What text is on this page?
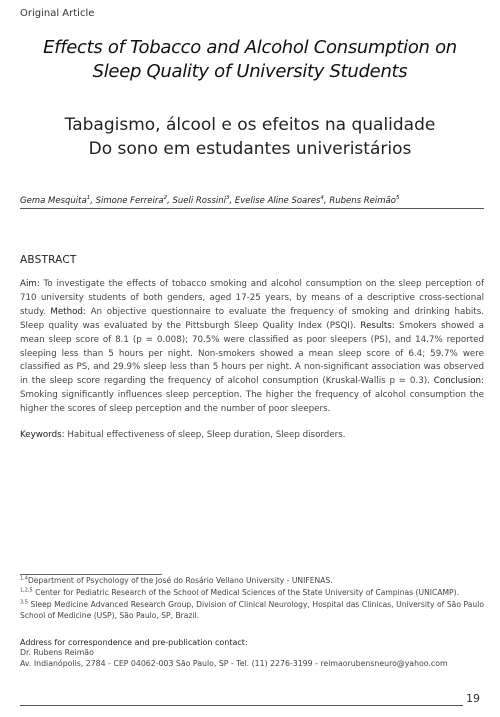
Original Article
Effects of Tobacco and Alcohol Consumption on Sleep Quality of University Students
Tabagismo, álcool e os efeitos na qualidade
Do sono em estudantes univeristários
Gema Mesquita$^1$, Simone Ferreira$^2$, Sueli Rossini$^3$, Evelise Aline Soares$^4$, Rubens Reimão$^5$
ABSTRACT
Aim: To investigate the effects of tobacco smoking and alcohol consumption on the sleep perception of 710 university students of both genders, aged 17-25 years, by means of a descriptive cross-sectional study. Method: An objective questionnaire to evaluate the frequency of smoking and drinking habits. Sleep quality was evaluated by the Pittsburgh Sleep Quality Index (PSQI). Results: Smokers showed a mean sleep score of 8.1 (p = 0.008); 70.5% were classified as poor sleepers (PS), and 14.7% reported sleeping less than 5 hours per night. Non-smokers showed a mean sleep score of 6.4; 59.7% were classified as PS, and 29.9% sleep less than 5 hours per night. A non-significant association was observed in the sleep score regarding the frequency of alcohol consumption (Kruskal-Wallis p = 0.3). Conclusion: Smoking significantly influences sleep perception. The higher the frequency of alcohol consumption the higher the scores of sleep perception and the number of poor sleepers.
Keywords: Habitual effectiveness of sleep, Sleep duration, Sleep disorders.
$^{1,4}$Department of Psychology of the José do Rosário Vellano University - UNIFENAS.
$^{1,2,5}$ Center for Pediatric Research of the School of Medical Sciences of the State University of Campinas (UNICAMP).
$^{3,5}$ Sleep Medicine Advanced Research Group, Division of Clinical Neurology, Hospital das Clinicas, University of São Paulo School of Medicine (USP), São Paulo, SP, Brazil.
Address for correspondence and pre-publication contact:
Dr. Rubens Reimão
Av. Indianópolis, 2784 - CEP 04062-003 São Paulo, SP - Tel. (11) 2276-3199 - reimaorubensneuro@yahoo.com
19
